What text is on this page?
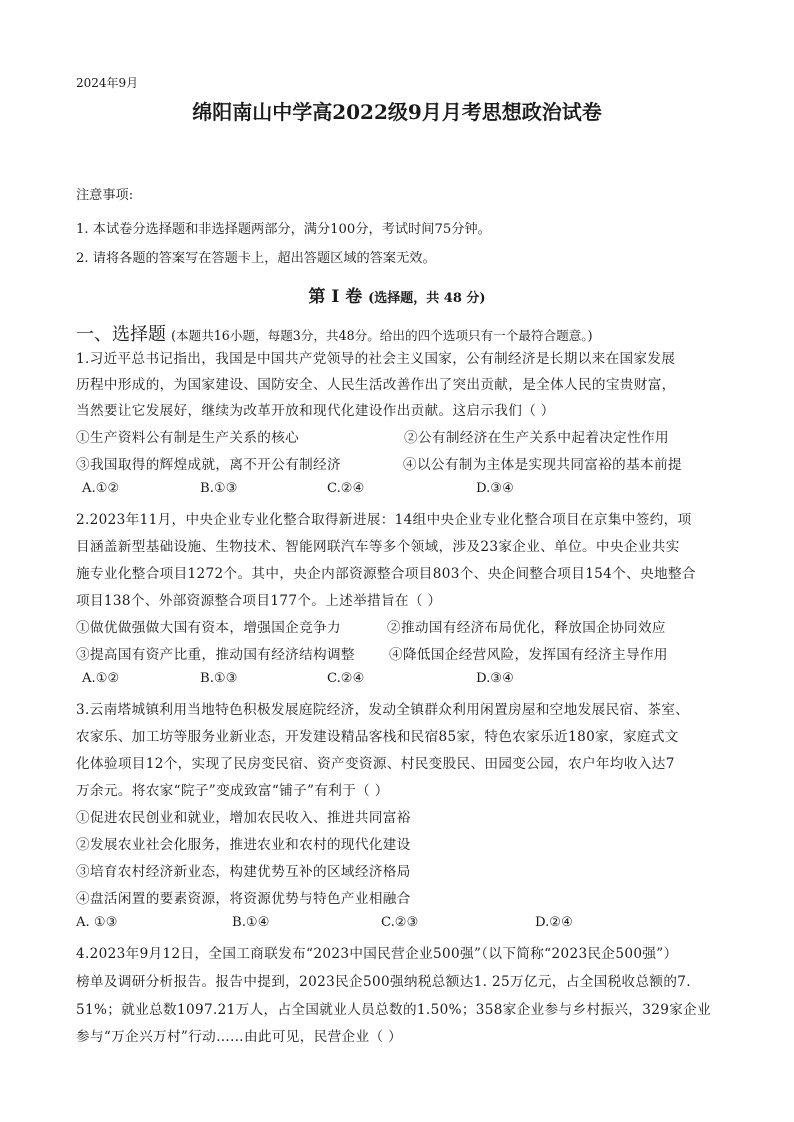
2024年9月
绵阳南山中学高2022级9月月考思想政治试卷
注意事项:
1. 本试卷分选择题和非选择题两部分，满分100分，考试时间75分钟。
2. 请将各题的答案写在答题卡上，超出答题区域的答案无效。
第 I 卷 (选择题，共 48 分)
一、选择题 (本题共16小题，每题3分，共48分。给出的四个选项只有一个最符合题意。)
1.习近平总书记指出，我国是中国共产党领导的社会主义国家，公有制经济是长期以来在国家发展
历程中形成的，为国家建设、国防安全、人民生活改善作出了突出贡献，是全体人民的宝贵财富，
当然要让它发展好，继续为改革开放和现代化建设作出贡献。这启示我们（ ）
①生产资料公有制是生产关系的核心	②公有制经济在生产关系中起着决定性作用
③我国取得的辉煌成就，离不开公有制经济	④以公有制为主体是实现共同富裕的基本前提
A.①②	B.①③	C.②④	D.③④
2.2023年11月，中央企业专业化整合取得新进展：14组中央企业专业化整合项目在京集中签约，项
目涵盖新型基础设施、生物技术、智能网联汽车等多个领域，涉及23家企业、单位。中央企业共实
施专业化整合项目1272个。其中，央企内部资源整合项目803个、央企间整合项目154个、央地整合
项目138个、外部资源整合项目177个。上述举措旨在（ ）
①做优做强做大国有资本，增强国企竞争力	②推动国有经济布局优化，释放国企协同效应
③提高国有资产比重，推动国有经济结构调整	④降低国企经营风险，发挥国有经济主导作用
A.①②	B.①③	C.②④	D.③④
3.云南塔城镇利用当地特色积极发展庭院经济，发动全镇群众利用闲置房屋和空地发展民宿、茶室、
农家乐、加工坊等服务业新业态，开发建设精品客栈和民宿85家，特色农家乐近180家，家庭式文
化体验项目12个，实现了民房变民宿、资产变资源、村民变股民、田园变公园，农户年均收入达7
万余元。将农家“院子”变成致富“铺子”有利于（ ）
①促进农民创业和就业，增加农民收入、推进共同富裕
②发展农业社会化服务，推进农业和农村的现代化建设
③培育农村经济新业态，构建优势互补的区域经济格局
④盘活闲置的要素资源，将资源优势与特色产业相融合
A. ①③	B.①④	C.②③	D.②④
4.2023年9月12日，全国工商联发布“2023中国民营企业500强”（以下简称“2023民企500强”）
榜单及调研分析报告。报告中提到，2023民企500强纳税总额达1. 25万亿元，占全国税收总额的7.
51%；就业总数1097.21万人，占全国就业人员总数的1.50%；358家企业参与乡村振兴，329家企业
参与“万企兴万村”行动……由此可见，民营企业（ ）
